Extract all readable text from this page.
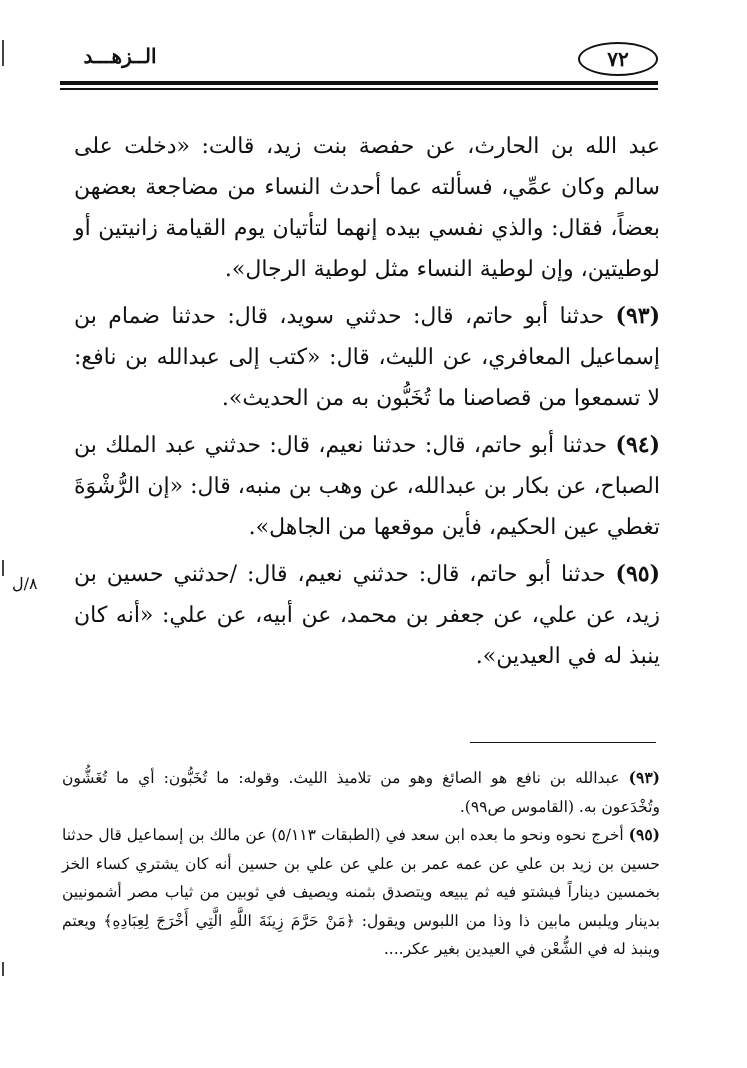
٧٢
الــزهـــد

عبد الله بن الحارث، عن حفصة بنت زيد، قالت: «دخلت على سالم وكان عمِّي، فسألته عما أحدث النساء من مضاجعة بعضهن بعضاً، فقال: والذي نفسي بيده إنهما لتأتيان يوم القيامة زانيتين أو لوطيتين، وإن لوطية النساء مثل لوطية الرجال».

(٩٣) حدثنا أبو حاتم، قال: حدثني سويد، قال: حدثنا ضمام بن إسماعيل المعافري، عن الليث، قال: «كتب إلى عبدالله بن نافع: لا تسمعوا من قصاصنا ما تُخَبُّون به من الحديث».

(٩٤) حدثنا أبو حاتم، قال: حدثنا نعيم، قال: حدثني عبد الملك بن الصباح، عن بكار بن عبدالله، عن وهب بن منبه، قال: «إن الرُّشْوَةَ تغطي عين الحكيم، فأين موقعها من الجاهل».

(٩٥) حدثنا أبو حاتم، قال: حدثني نعيم، قال: /حدثني حسين بن زيد، عن علي، عن جعفر بن محمد، عن أبيه، عن علي: «أنه كان ينبذ له في العيدين».

٨/ل

(٩٣) عبدالله بن نافع هو الصائغ وهو من تلاميذ الليث. وقوله: ما تُخَبُّون: أي ما تُغَشُّون وتُخْدَعون به. (القاموس ص٩٩).

(٩٥) أخرج نحوه ونحو ما بعده ابن سعد في (الطبقات ٥/١١٣) عن مالك بن إسماعيل قال حدثنا حسين بن زيد بن علي عن عمه عمر بن علي عن علي بن حسين أنه كان يشتري كساء الخز بخمسين ديناراً فيشتو فيه ثم يبيعه ويتصدق بثمنه ويصيف في ثوبين من ثياب مصر أشمونيين بدينار ويلبس مابين ذا وذا من اللبوس ويقول: ﴿مَنْ حَرَّمَ زِينَةَ اللَّهِ الَّتِي أَخْرَجَ لِعِبَادِهِ﴾ ويعتم وينبذ له في الشُّعْن في العيدين بغير عكر....
